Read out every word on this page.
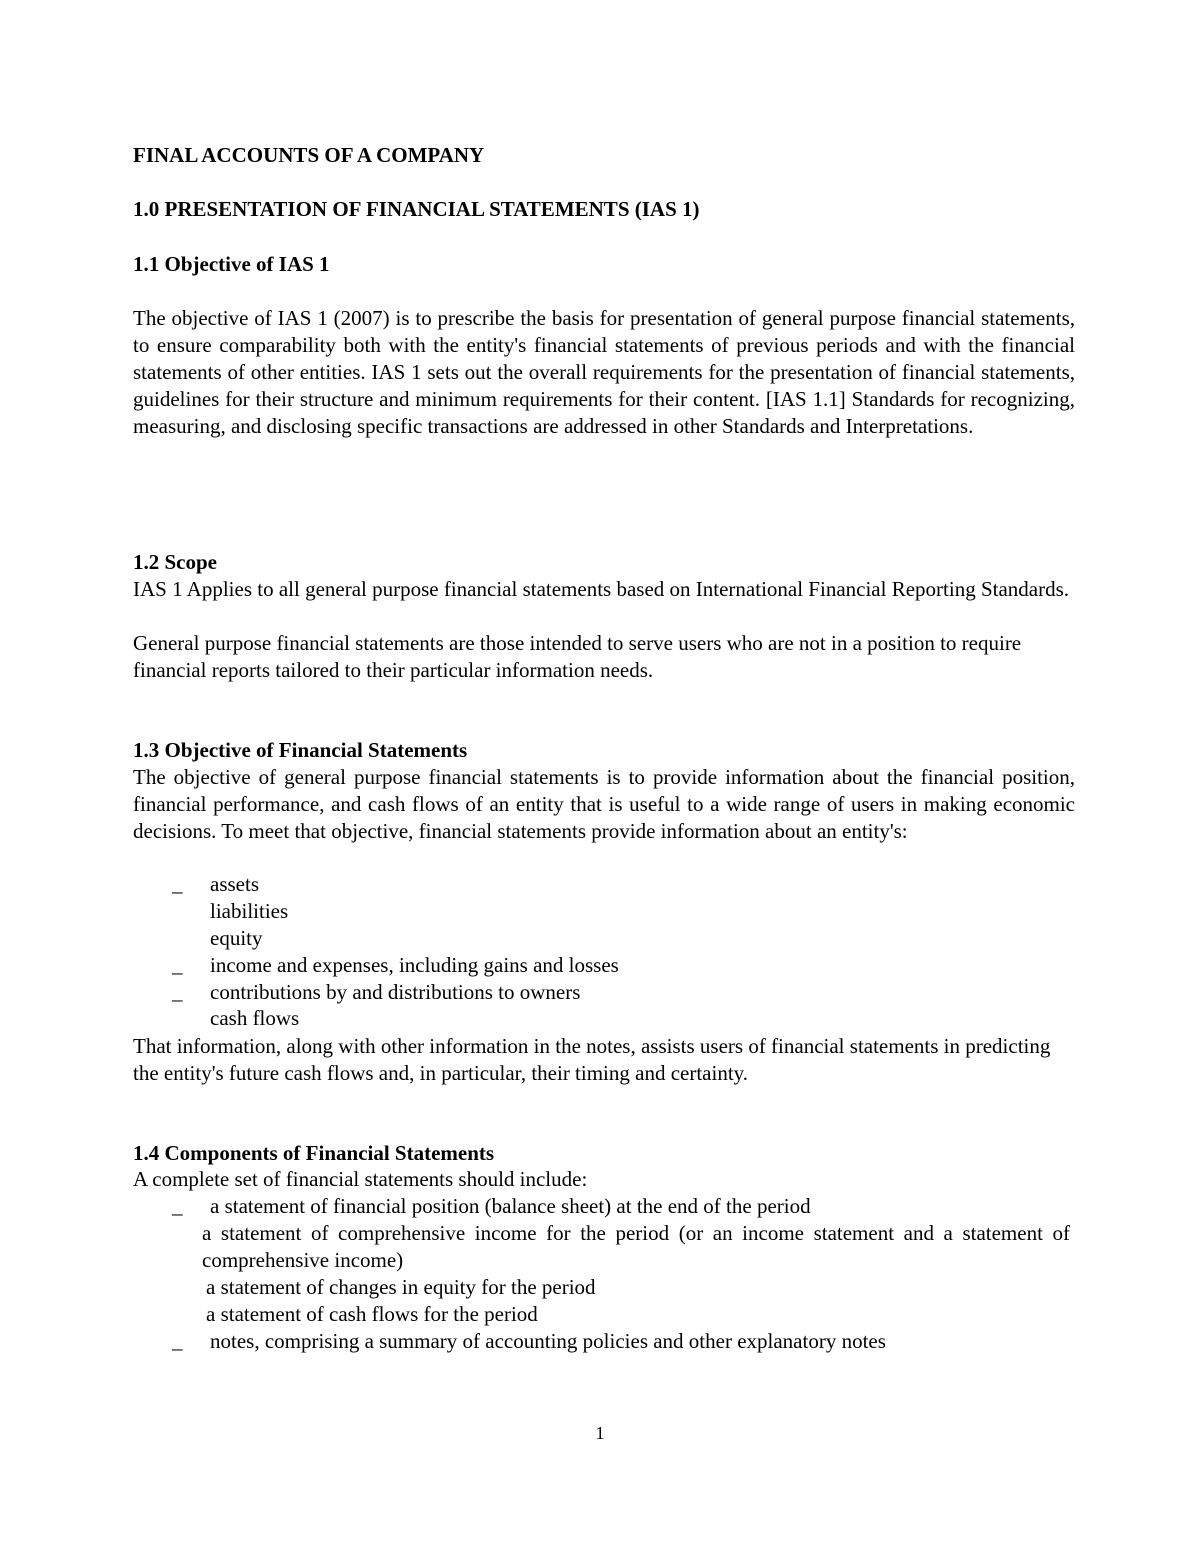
FINAL ACCOUNTS OF A COMPANY
1.0 PRESENTATION OF FINANCIAL STATEMENTS (IAS 1)
1.1 Objective of IAS 1

The objective of IAS 1 (2007) is to prescribe the basis for presentation of general purpose financial statements, to ensure comparability both with the entity's financial statements of previous periods and with the financial statements of other entities. IAS 1 sets out the overall requirements for the presentation of financial statements, guidelines for their structure and minimum requirements for their content. [IAS 1.1] Standards for recognizing, measuring, and disclosing specific transactions are addressed in other Standards and Interpretations.

1.2 Scope

IAS 1 Applies to all general purpose financial statements based on International Financial Reporting Standards.

General purpose financial statements are those intended to serve users who are not in a position to require financial reports tailored to their particular information needs.

1.3 Objective of Financial Statements

The objective of general purpose financial statements is to provide information about the financial position, financial performance, and cash flows of an entity that is useful to a wide range of users in making economic decisions. To meet that objective, financial statements provide information about an entity's:

_ assets
liabilities
equity
_ income and expenses, including gains and losses
_ contributions by and distributions to owners
cash flows

That information, along with other information in the notes, assists users of financial statements in predicting the entity's future cash flows and, in particular, their timing and certainty.

1.4 Components of Financial Statements
A complete set of financial statements should include:
_ a statement of financial position (balance sheet) at the end of the period

a statement of comprehensive income for the period (or an income statement and a statement of comprehensive income)

a statement of changes in equity for the period
a statement of cash flows for the period
_ notes, comprising a summary of accounting policies and other explanatory notes
1
